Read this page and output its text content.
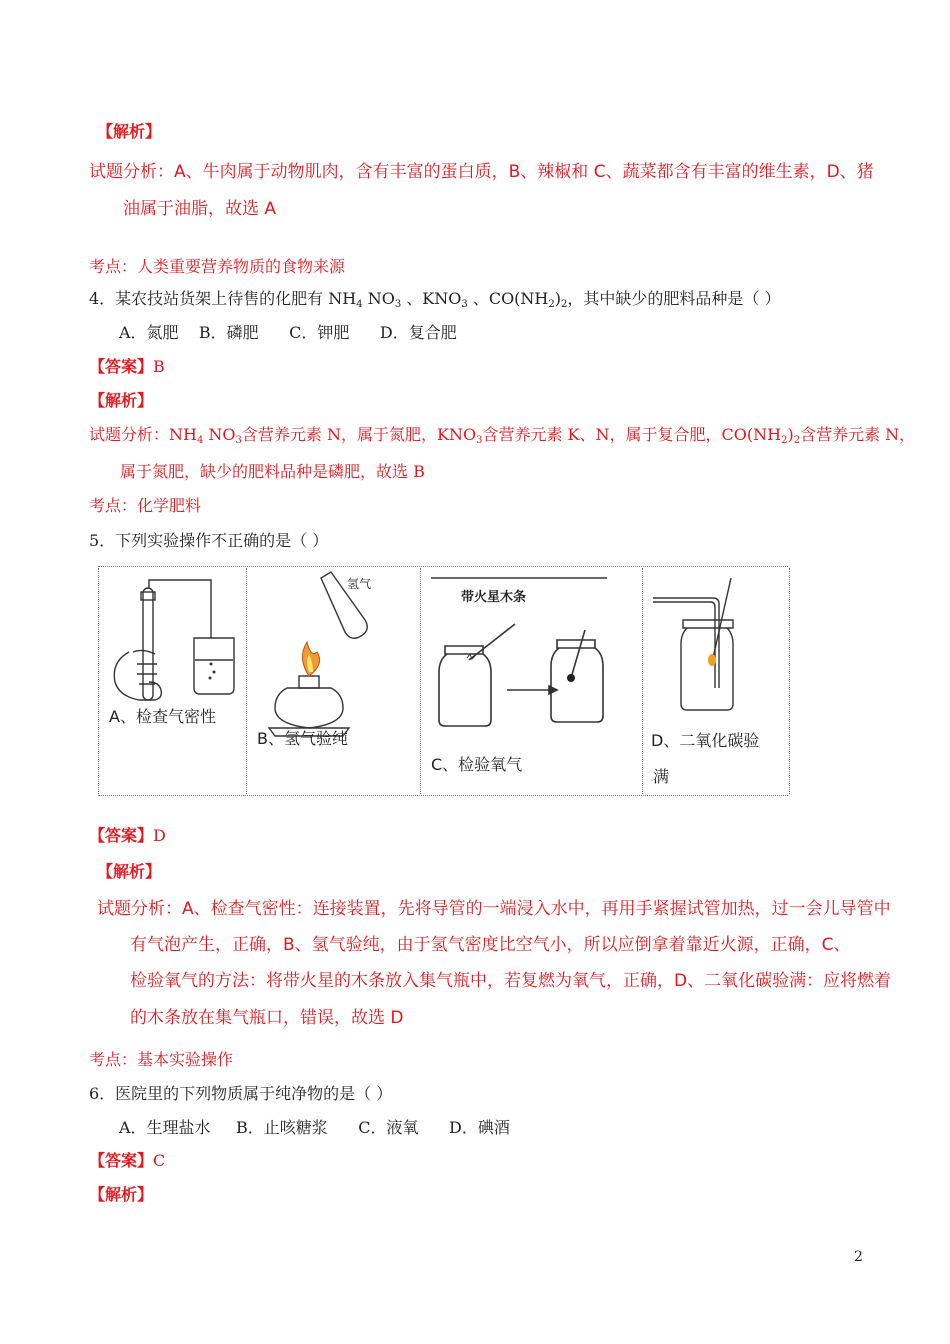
【解析】
试题分析：A、牛肉属于动物肌肉，含有丰富的蛋白质，B、辣椒和 C、蔬菜都含有丰富的维生素，D、猪
油属于油脂，故选 A
考点：人类重要营养物质的食物来源
4．某农技站货架上待售的化肥有 $NH_4$ $NO_3$ 、$KNO_3$ 、$CO(NH_2)_2$，其中缺少的肥料品种是（ ）
A．氮肥    B．磷肥      C．钾肥      D．复合肥
【答案】B
【解析】
试题分析：$NH_4$ $NO_3$含营养元素 N，属于氮肥，$KNO_3$含营养元素 K、N，属于复合肥，$CO(NH_2)_2$含营养元素 N，
属于氮肥，缺少的肥料品种是磷肥，故选 B
考点：化学肥料
5．下列实验操作不正确的是（ ）
A、检查气密性
氢气
B、氢气验纯
带火星木条
C、检验氧气
D、二氧化碳验
满
【答案】D
【解析】
试题分析：A、检查气密性：连接装置，先将导管的一端浸入水中，再用手紧握试管加热，过一会儿导管中
有气泡产生，正确，B、氢气验纯，由于氢气密度比空气小，所以应倒拿着靠近火源，正确，C、
检验氧气的方法：将带火星的木条放入集气瓶中，若复燃为氧气，正确，D、二氧化碳验满：应将燃着
的木条放在集气瓶口，错误，故选 D
考点：基本实验操作
6．医院里的下列物质属于纯净物的是（ ）
A．生理盐水     B．止咳糖浆      C．液氧      D．碘酒
【答案】C
【解析】
2
